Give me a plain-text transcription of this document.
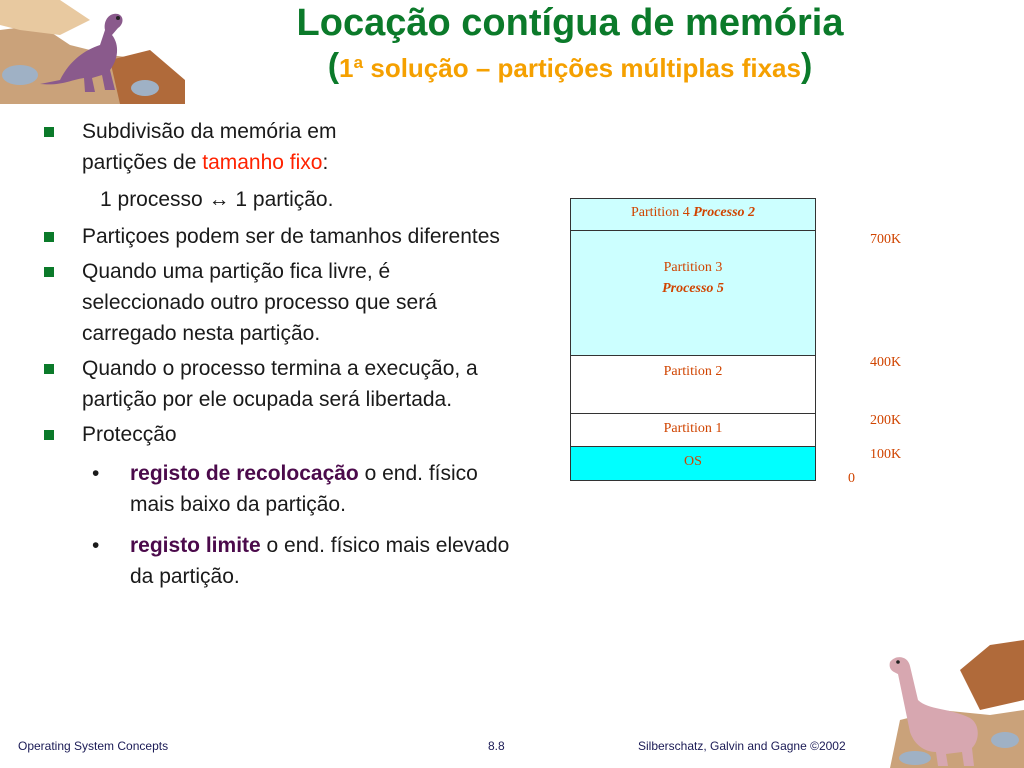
Locação contígua de memória
(1ª solução – partições múltiplas fixas)

Subdivisão da memória em

partições de tamanho fixo:

1 processo ↔ 1 partição.

Partiçoes podem ser de tamanhos diferentes
Quando uma partição fica livre, é seleccionado outro processo que será carregado nesta partição.
Quando o processo termina a execução, a partição por ele ocupada será libertada.
Protecção
• registo de recolocação o end. físico mais baixo da partição.
• registo limite o end. físico mais elevado da partição.
Partition 4 Processo 2
Partition 3
Processo 5
Partition 2
Partition 1
OS
700K
400K
200K
100K
0
Operating System Concepts	8.8	Silberschatz, Galvin and Gagne ©2002
